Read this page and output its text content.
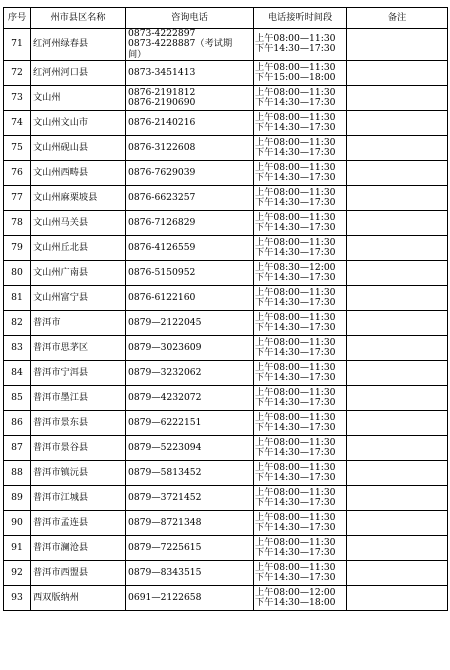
序号	州市县区名称	咨询电话	电话接听时间段	备注
71	红河州绿春县	0873-4222897
0873-4228887（考试期
间）	上午08:00—11:30
下午14:30—17:30	

72	红河州河口县	0873-3451413	上午08:00—11:30
下午15:00—18:00	

73	文山州	0876-2191812
0876-2190690	上午08:00—11:30
下午14:30—17:30	

74	文山州文山市	0876-2140216	上午08:00—11:30
下午14:30—17:30	

75	文山州砚山县	0876-3122608	上午08:00—11:30
下午14:30—17:30	

76	文山州西畴县	0876-7629039	上午08:00—11:30
下午14:30—17:30	

77	文山州麻栗坡县	0876-6623257	上午08:00—11:30
下午14:30—17:30	

78	文山州马关县	0876-7126829	上午08:00—11:30
下午14:30—17:30	

79	文山州丘北县	0876-4126559	上午08:00—11:30
下午14:30—17:30	

80	文山州广南县	0876-5150952	上午08:30—12:00
下午14:30—17:30	

81	文山州富宁县	0876-6122160	上午08:00—11:30
下午14:30—17:30	

82	普洱市	0879—2122045	上午08:00—11:30
下午14:30—17:30	

83	普洱市思茅区	0879—3023609	上午08:00—11:30
下午14:30—17:30	

84	普洱市宁洱县	0879—3232062	上午08:00—11:30
下午14:30—17:30	

85	普洱市墨江县	0879—4232072	上午08:00—11:30
下午14:30—17:30	

86	普洱市景东县	0879—6222151	上午08:00—11:30
下午14:30—17:30	

87	普洱市景谷县	0879—5223094	上午08:00—11:30
下午14:30—17:30	

88	普洱市镇沅县	0879—5813452	上午08:00—11:30
下午14:30—17:30	

89	普洱市江城县	0879—3721452	上午08:00—11:30
下午14:30—17:30	

90	普洱市孟连县	0879—8721348	上午08:00—11:30
下午14:30—17:30	

91	普洱市澜沧县	0879—7225615	上午08:00—11:30
下午14:30—17:30	

92	普洱市西盟县	0879—8343515	上午08:00—11:30
下午14:30—17:30	

93	西双版纳州	0691—2122658	上午08:00—12:00
下午14:30—18:00	
